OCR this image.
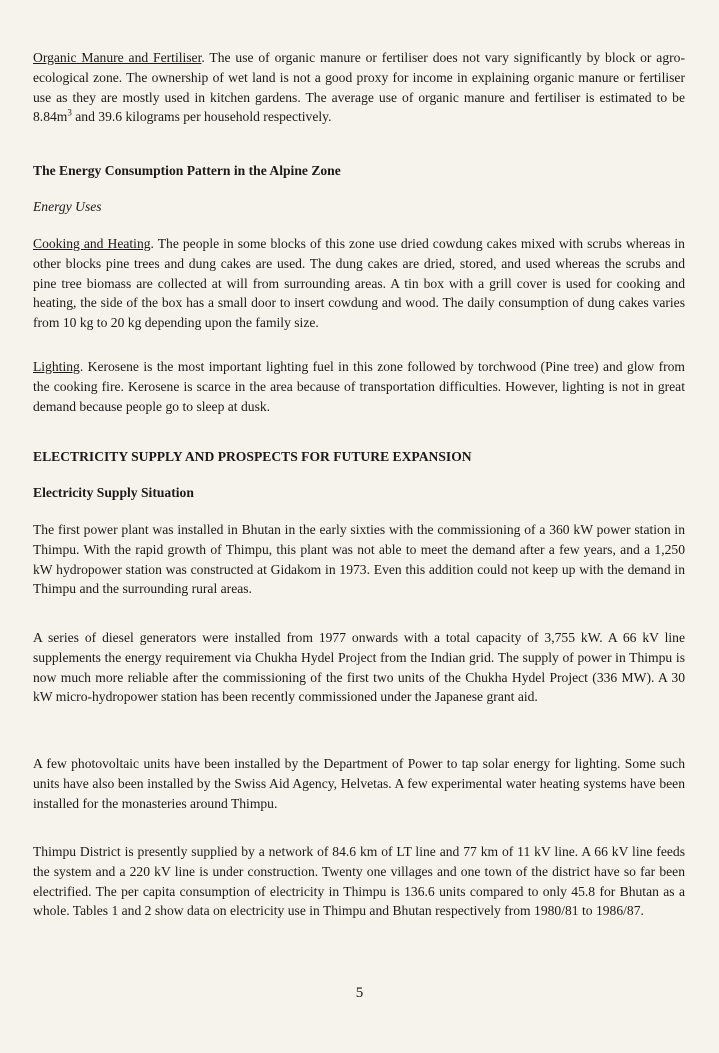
Organic Manure and Fertiliser. The use of organic manure or fertiliser does not vary significantly by block or agro-ecological zone. The ownership of wet land is not a good proxy for income in explaining organic manure or fertiliser use as they are mostly used in kitchen gardens. The average use of organic manure and fertiliser is estimated to be $8.84m^3$ and 39.6 kilograms per household respectively.

The Energy Consumption Pattern in the Alpine Zone

Energy Uses

Cooking and Heating. The people in some blocks of this zone use dried cowdung cakes mixed with scrubs whereas in other blocks pine trees and dung cakes are used. The dung cakes are dried, stored, and used whereas the scrubs and pine tree biomass are collected at will from surrounding areas. A tin box with a grill cover is used for cooking and heating, the side of the box has a small door to insert cowdung and wood. The daily consumption of dung cakes varies from 10 kg to 20 kg depending upon the family size.

Lighting. Kerosene is the most important lighting fuel in this zone followed by torchwood (Pine tree) and glow from the cooking fire. Kerosene is scarce in the area because of transportation difficulties. However, lighting is not in great demand because people go to sleep at dusk.

ELECTRICITY SUPPLY AND PROSPECTS FOR FUTURE EXPANSION

Electricity Supply Situation

The first power plant was installed in Bhutan in the early sixties with the commissioning of a 360 kW power station in Thimpu. With the rapid growth of Thimpu, this plant was not able to meet the demand after a few years, and a 1,250 kW hydropower station was constructed at Gidakom in 1973. Even this addition could not keep up with the demand in Thimpu and the surrounding rural areas.

A series of diesel generators were installed from 1977 onwards with a total capacity of 3,755 kW. A 66 kV line supplements the energy requirement via Chukha Hydel Project from the Indian grid. The supply of power in Thimpu is now much more reliable after the commissioning of the first two units of the Chukha Hydel Project (336 MW). A 30 kW micro-hydropower station has been recently commissioned under the Japanese grant aid.

A few photovoltaic units have been installed by the Department of Power to tap solar energy for lighting. Some such units have also been installed by the Swiss Aid Agency, Helvetas. A few experimental water heating systems have been installed for the monasteries around Thimpu.

Thimpu District is presently supplied by a network of 84.6 km of LT line and 77 km of 11 kV line. A 66 kV line feeds the system and a 220 kV line is under construction. Twenty one villages and one town of the district have so far been electrified. The per capita consumption of electricity in Thimpu is 136.6 units compared to only 45.8 for Bhutan as a whole. Tables 1 and 2 show data on electricity use in Thimpu and Bhutan respectively from 1980/81 to 1986/87.

5
